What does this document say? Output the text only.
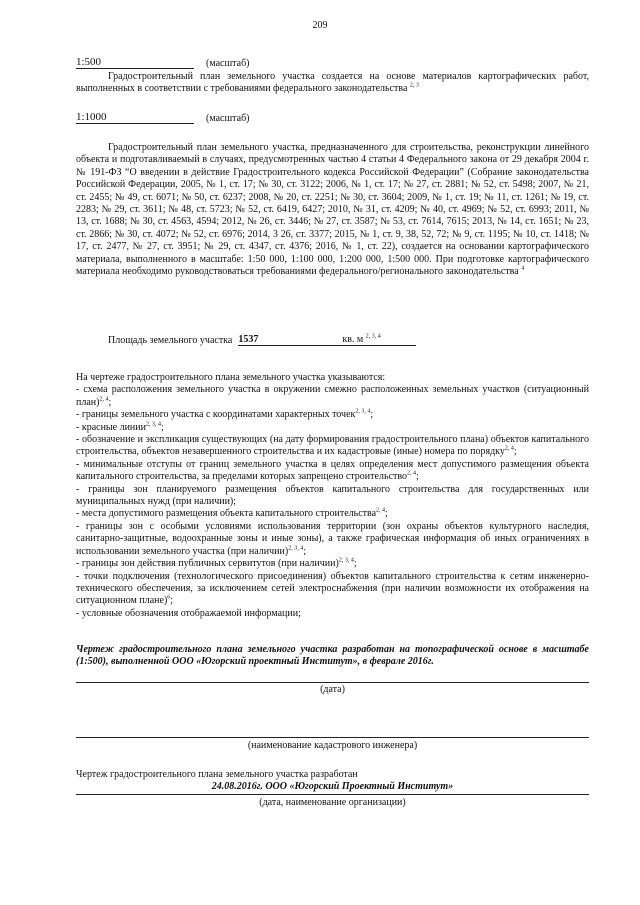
209
1:500	(масштаб)
Градостроительный план земельного участка создается на основе материалов картографических работ, выполненных в соответствии с требованиями федерального законодательства $^{2, 3}$
1:1000	(масштаб)
Градостроительный план земельного участка, предназначенного для строительства, реконструкции линейного объекта и подготавливаемый в случаях, предусмотренных частью 4 статьи 4 Федерального закона от 29 декабря 2004 г. № 191-ФЗ “О введении в действие Градостроительного кодекса Российской Федерации” (Собрание законодательства Российской Федерации, 2005, № 1, ст. 17; № 30, ст. 3122; 2006, № 1, ст. 17; № 27, ст. 2881; № 52, ст. 5498; 2007, № 21, ст. 2455; № 49, ст. 6071; № 50, ст. 6237; 2008, № 20, ст. 2251; № 30, ст. 3604; 2009, № 1, ст. 19; № 11, ст. 1261; № 19, ст. 2283; № 29, ст. 3611; № 48, ст. 5723; № 52, ст. 6419, 6427; 2010, № 31, ст. 4209; № 40, ст. 4969; № 52, ст. 6993; 2011, № 13, ст. 1688; № 30, ст. 4563, 4594; 2012, № 26, ст. 3446; № 27, ст. 3587; № 53, ст. 7614, 7615; 2013, № 14, ст. 1651; № 23, ст. 2866; № 30, ст. 4072; № 52, ст. 6976; 2014, 3 26, ст. 3377; 2015, № 1, ст. 9, 38, 52, 72; № 9, ст. 1195; № 10, ст. 1418; № 17, ст. 2477, № 27, ст. 3951; № 29, ст. 4347, ст. 4376; 2016, № 1, ст. 22), создается на основании картографического материала, выполненного в масштабе: 1:50 000, 1:100 000, 1:200 000, 1:500 000. При подготовке картографического материала необходимо руководствоваться требованиями федерального/регионального законодательства $^4$
Площадь земельного участка 1537	кв. м $^{2, 3, 4}$

На чертеже градостроительного плана земельного участка указываются:

- схема расположения земельного участка в окружении смежно расположенных земельных участков (ситуационный план)$^{2, 4}$;

- границы земельного участка с координатами характерных точек$^{2, 3, 4}$;

- красные линии$^{2, 3, 4}$;

- обозначение и экспликация существующих (на дату формирования градостроительного плана) объектов капитального строительства, объектов незавершенного строительства и их кадастровые (иные) номера по порядку$^{2, 4}$;

- минимальные отступы от границ земельного участка в целях определения мест допустимого размещения объекта капитального строительства, за пределами которых запрещено строительство$^{2, 4}$;

- границы зон планируемого размещения объектов капитального строительства для государственных или муниципальных нужд (при наличии);

- места допустимого размещения объекта капитального строительства$^{2, 4}$;

- границы зон с особыми условиями использования территории (зон охраны объектов культурного наследия, санитарно-защитные, водоохранные зоны и иные зоны), а также графическая информация об иных ограничениях в использовании земельного участка (при наличии)$^{2, 3, 4}$;

- границы зон действия публичных сервитутов (при наличии)$^{2, 3, 4}$;

- точки подключения (технологического присоединения) объектов капитального строительства к сетям инженерно-технического обеспечения, за исключением сетей электроснабжения (при наличии возможности их отображения на ситуационном плане)$^6$;

- условные обозначения отображаемой информации;

Чертеж градостроительного плана земельного участка разработан на топографической основе в масштабе (1:500), выполненной ООО «Югорский проектный Институт», в феврале 2016г.
(дата)
(наименование кадастрового инженера)
Чертеж градостроительного плана земельного участка разработан
24.08.2016г. ООО «Югорский Проектный Институт»
(дата, наименование организации)
